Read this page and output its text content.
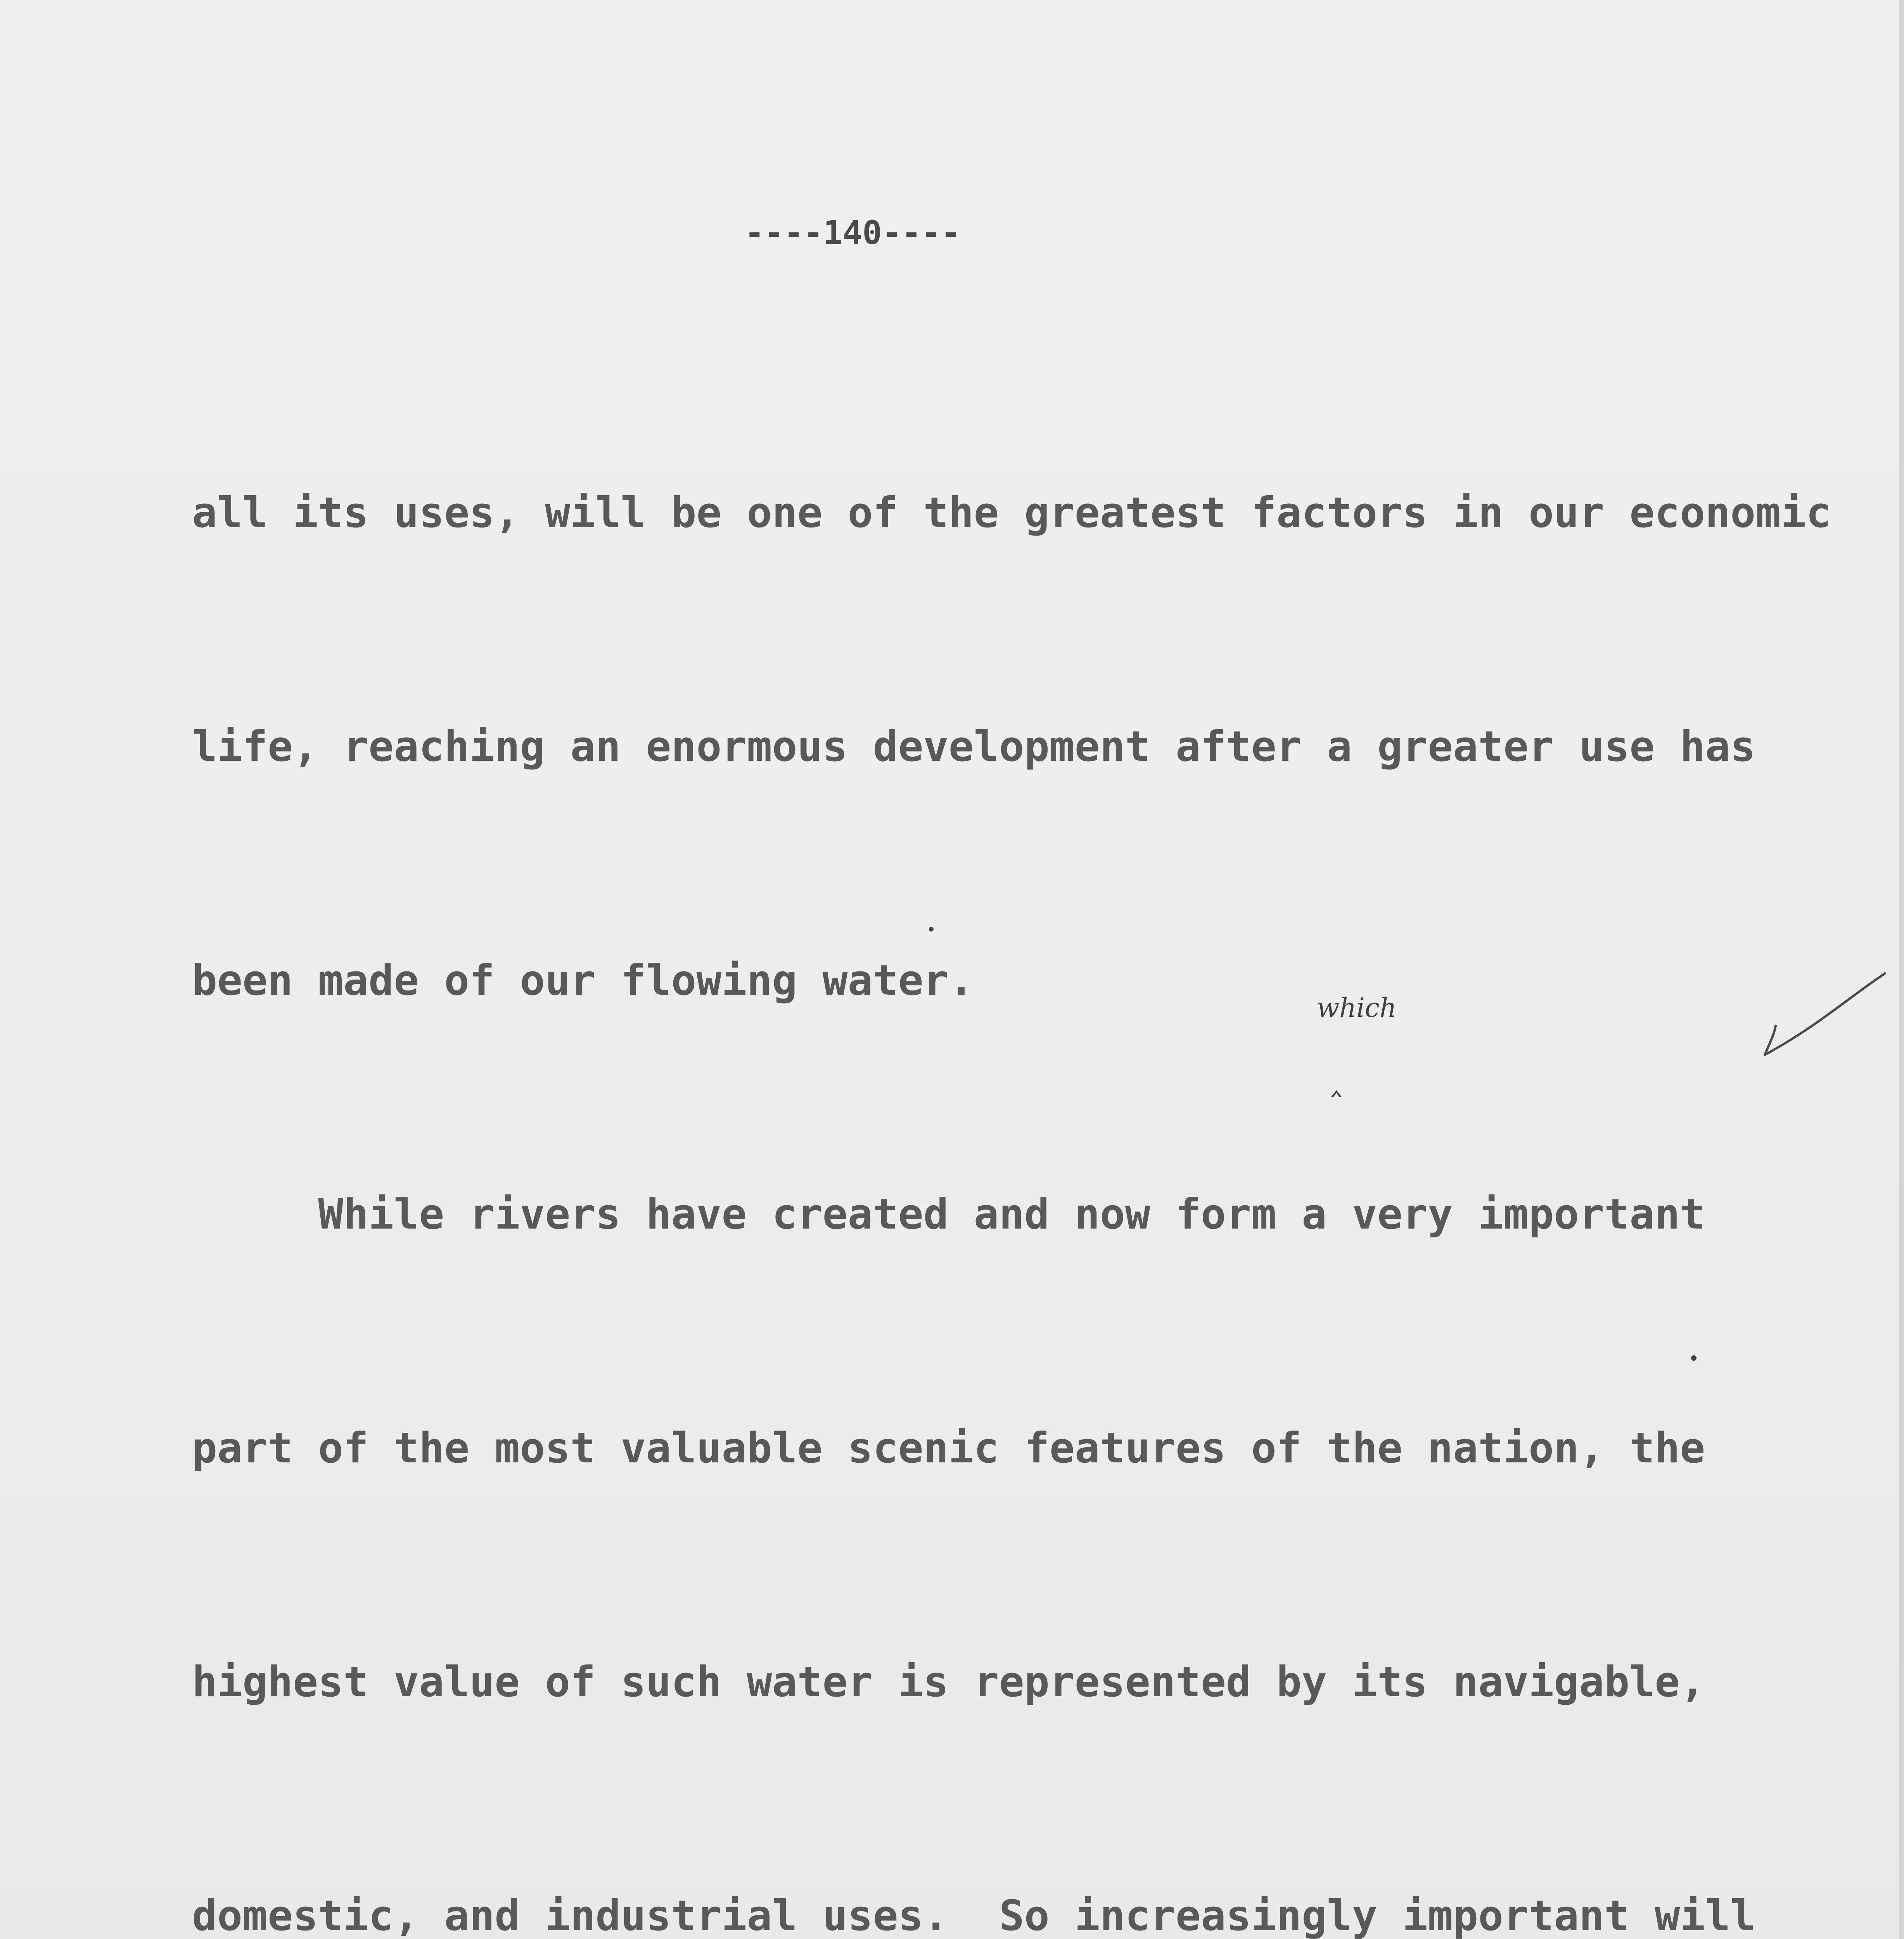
----140----

all its uses, will be one of the greatest factors in our economic

life, reaching an enormous development after a greater use has

been made of our flowing water.

While rivers have created and now form a very important

part of the most valuable scenic features of the nation, the

highest value of such water is represented by its navigable,

domestic, and industrial uses.  So increasingly important will

which
‸
